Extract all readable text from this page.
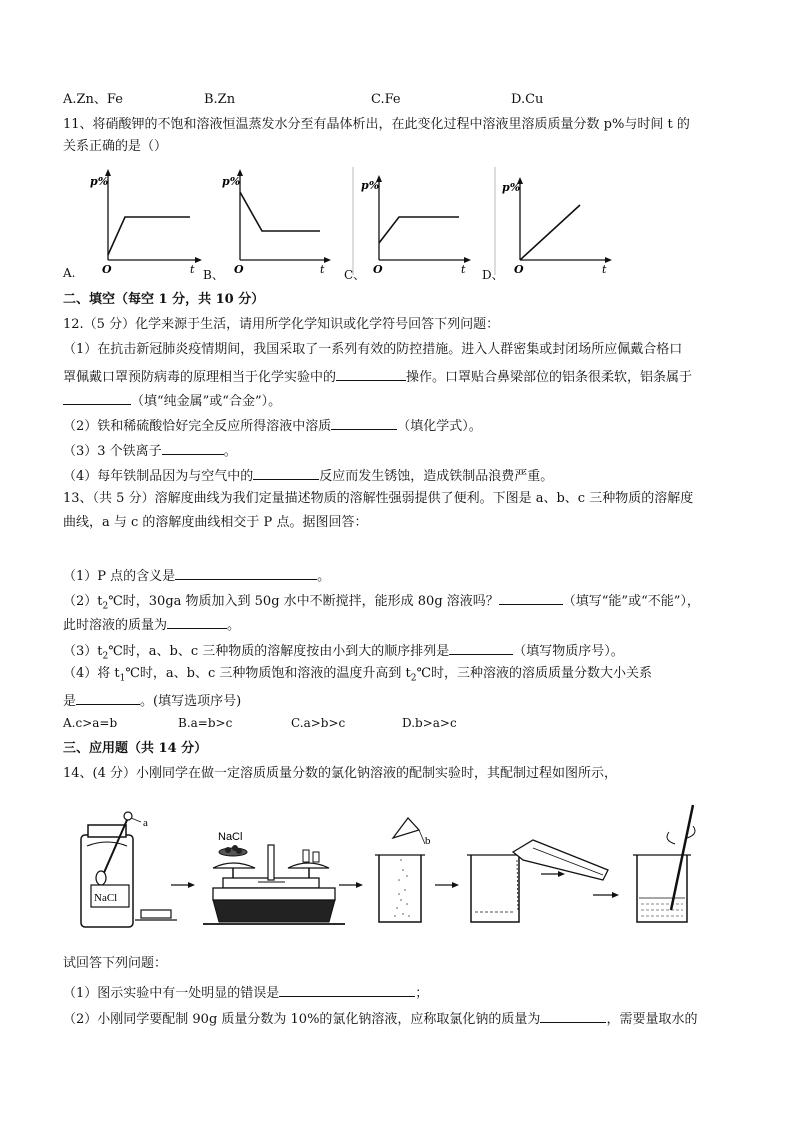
A.Zn、Fe	B.Zn	C.Fe	D.Cu
11、将硝酸钾的不饱和溶液恒温蒸发水分至有晶体析出，在此变化过程中溶液里溶质质量分数 p%与时间 t 的
关系正确的是（）
A.
p%
O	t B、
p%
O	t C、
p%
O	t D、
p%
O	t
二、填空（每空 1 分，共 10 分）
12.（5 分）化学来源于生活，请用所学化学知识或化学符号回答下列问题：
（1）在抗击新冠肺炎疫情期间，我国采取了一系列有效的防控措施。进入人群密集或封闭场所应佩戴合格口
罩佩戴口罩预防病毒的原理相当于化学实验中的	操作。口罩贴合鼻梁部位的铝条很柔软，铝条属于
（填“纯金属”或“合金”）。
（2）铁和稀硫酸恰好完全反应所得溶液中溶质	（填化学式）。
（3）3 个铁离子	。
（4）每年铁制品因为与空气中的	反应而发生锈蚀，造成铁制品浪费严重。
13、（共 5 分）溶解度曲线为我们定量描述物质的溶解性强弱提供了便利。下图是 a、b、c 三种物质的溶解度
曲线，a 与 c 的溶解度曲线相交于 P 点。据图回答：
（1）P 点的含义是	。
$(2)t_2℃$时，30ga 物质加入到 50g 水中不断搅拌，能形成 80g 溶液吗？	（填写“能”或“不能”），
此时溶液的质量为	。
$(3)t_2℃$时，a、b、c 三种物质的溶解度按由小到大的顺序排列是	（填写物质序号）。
（4）将 $t_1℃$时，a、b、c 三种物质饱和溶液的温度升高到 $t_2℃$时，三种溶液的溶质质量分数大小关系
是	。(填写选项序号)
A.c>a=b	B.a=b>c	C.a>b>c	D.b>a>c
三、应用题（共 14 分）
14、(4 分）小刚同学在做一定溶质质量分数的氯化钠溶液的配制实验时，其配制过程如图所示，
NaCl
a
NaCl	b
试回答下列问题：
（1）图示实验中有一处明显的错误是	；
（2）小刚同学要配制 90g 质量分数为 10%的氯化钠溶液，应称取氯化钠的质量为	，需要量取水的
